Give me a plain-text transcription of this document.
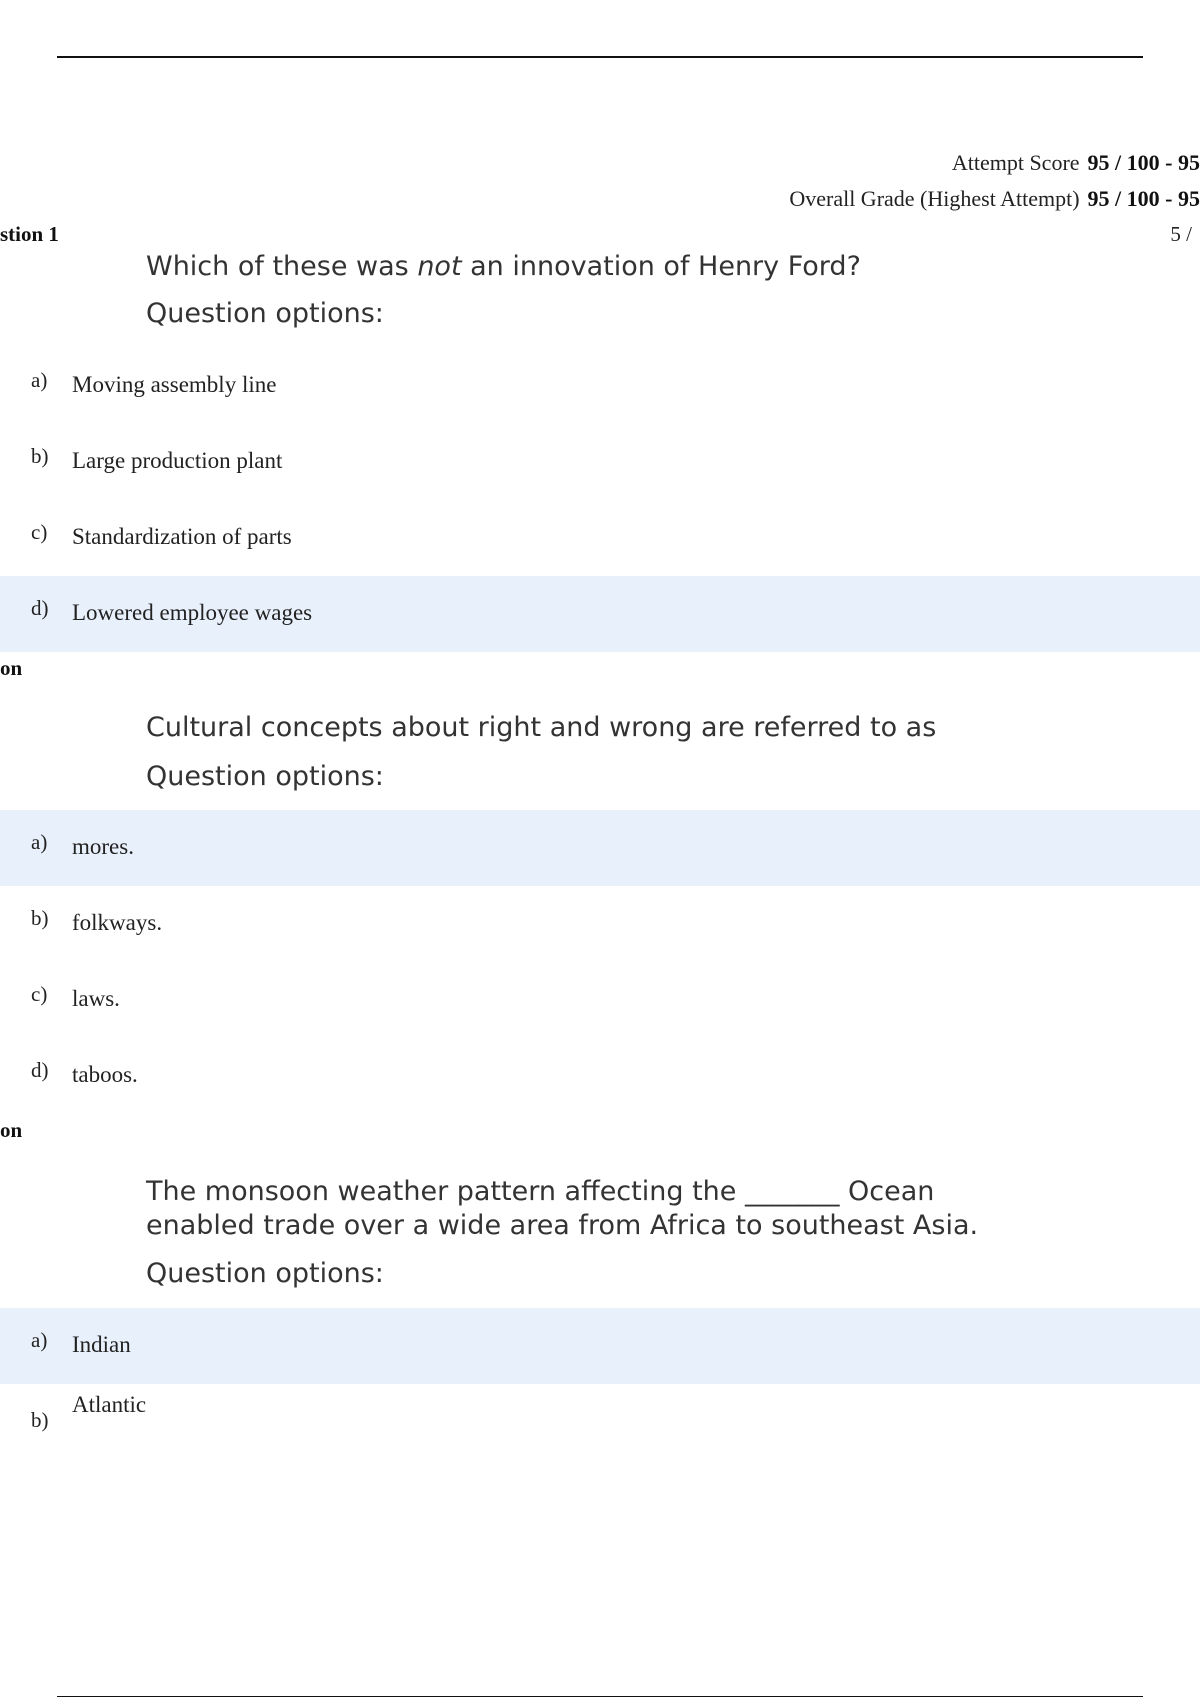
Attempt Score 95 / 100 - 95
Overall Grade (Highest Attempt) 95 / 100 - 95
stion 1	5 /
Which of these was not an innovation of Henry Ford?
Question options:
a) Moving assembly line
b) Large production plant
c) Standardization of parts
d) Lowered employee wages
on
Cultural concepts about right and wrong are referred to as
Question options:
a) mores.
b) folkways.
c) laws.
d) taboos.
on
The monsoon weather pattern affecting the _______ Ocean enabled trade over a wide area from Africa to southeast Asia.
Question options:
a) Indian
b)
Atlantic
